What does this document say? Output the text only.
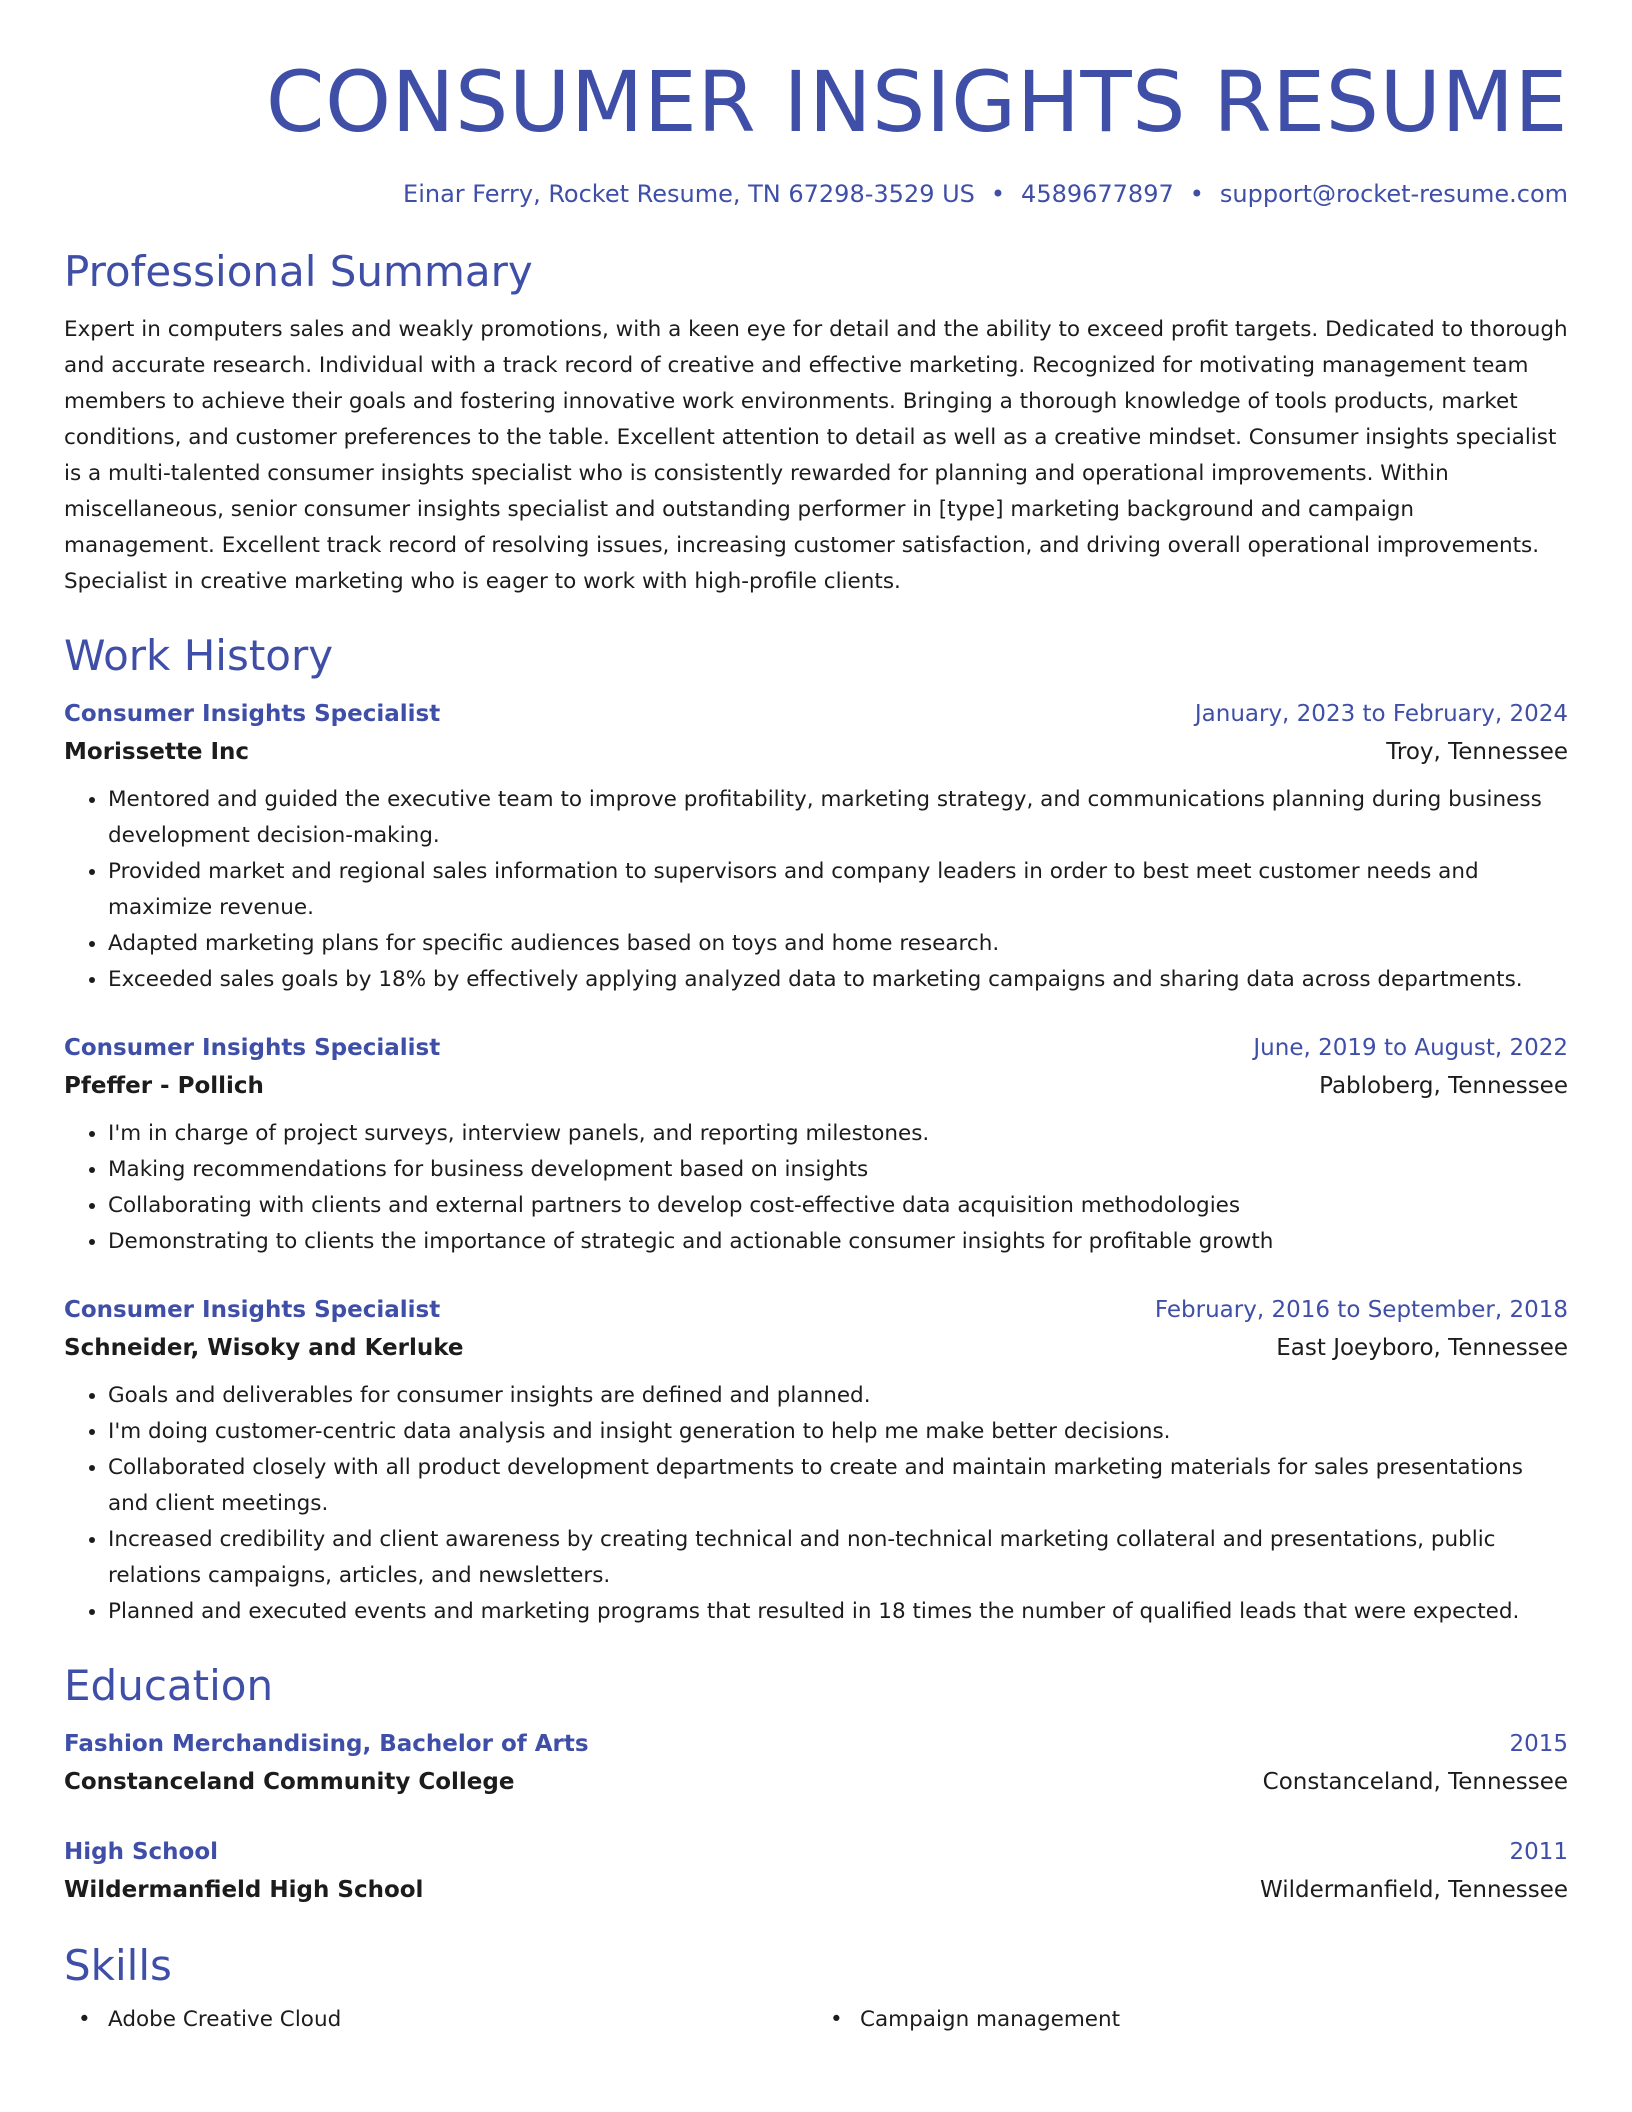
CONSUMER INSIGHTS RESUME
Einar Ferry, Rocket Resume, TN 67298-3529 US • 4589677897 • support@rocket-resume.com
Professional Summary
Expert in computers sales and weakly promotions, with a keen eye for detail and the ability to exceed profit targets. Dedicated to thorough and accurate research. Individual with a track record of creative and effective marketing. Recognized for motivating management team members to achieve their goals and fostering innovative work environments. Bringing a thorough knowledge of tools products, market conditions, and customer preferences to the table. Excellent attention to detail as well as a creative mindset. Consumer insights specialist is a multi-talented consumer insights specialist who is consistently rewarded for planning and operational improvements. Within miscellaneous, senior consumer insights specialist and outstanding performer in [type] marketing background and campaign management. Excellent track record of resolving issues, increasing customer satisfaction, and driving overall operational improvements. Specialist in creative marketing who is eager to work with high-profile clients.
Work History
Consumer Insights Specialist	January, 2023 to February, 2024
Morissette Inc	Troy, Tennessee
• Mentored and guided the executive team to improve profitability, marketing strategy, and communications planning during business development decision-making.
• Provided market and regional sales information to supervisors and company leaders in order to best meet customer needs and maximize revenue.
• Adapted marketing plans for specific audiences based on toys and home research.
• Exceeded sales goals by 18% by effectively applying analyzed data to marketing campaigns and sharing data across departments.
Consumer Insights Specialist	June, 2019 to August, 2022
Pfeffer - Pollich	Pabloberg, Tennessee
• I'm in charge of project surveys, interview panels, and reporting milestones.
• Making recommendations for business development based on insights
• Collaborating with clients and external partners to develop cost-effective data acquisition methodologies
• Demonstrating to clients the importance of strategic and actionable consumer insights for profitable growth
Consumer Insights Specialist	February, 2016 to September, 2018
Schneider, Wisoky and Kerluke	East Joeyboro, Tennessee
• Goals and deliverables for consumer insights are defined and planned.
• I'm doing customer-centric data analysis and insight generation to help me make better decisions.
• Collaborated closely with all product development departments to create and maintain marketing materials for sales presentations and client meetings.
• Increased credibility and client awareness by creating technical and non-technical marketing collateral and presentations, public relations campaigns, articles, and newsletters.
• Planned and executed events and marketing programs that resulted in 18 times the number of qualified leads that were expected.
Education
Fashion Merchandising, Bachelor of Arts	2015
Constanceland Community College	Constanceland, Tennessee
High School	2011
Wildermanfield High School	Wildermanfield, Tennessee
Skills
• Adobe Creative Cloud
•	Campaign management
